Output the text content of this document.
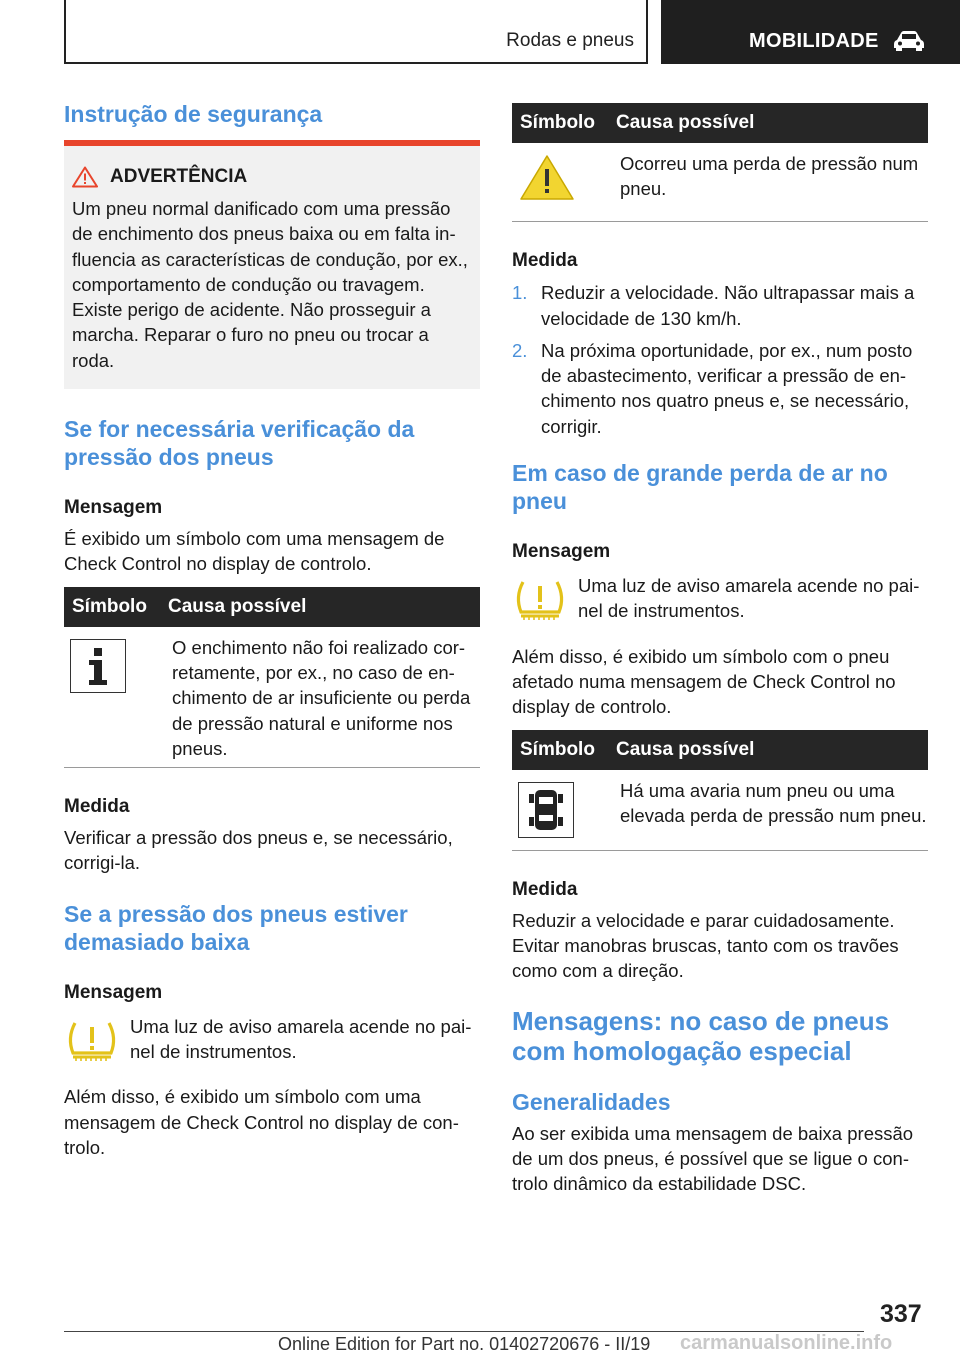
Rodas e pneus	MOBILIDADE
Instrução de segurança
ADVERTÊNCIA

Um pneu normal danificado com uma pressão de enchimento dos pneus baixa ou em falta in-fluencia as características de condução, por ex., comportamento de condução ou travagem. Existe perigo de acidente. Não prosseguir a marcha. Reparar o furo no pneu ou trocar a roda.

Se for necessária verificação da pressão dos pneus
Mensagem

É exibido um símbolo com uma mensagem de Check Control no display de controlo.

Símbolo	Causa possível
	O enchimento não foi realizado cor-retamente, por ex., no caso de en-chimento de ar insuficiente ou perda de pressão natural e uniforme nos pneus.
Medida

Verificar a pressão dos pneus e, se necessário, corrigi-la.

Se a pressão dos pneus estiver demasiado baixa
Mensagem

Uma luz de aviso amarela acende no pai-nel de instrumentos.

Além disso, é exibido um símbolo com uma mensagem de Check Control no display de con-trolo.

Símbolo	Causa possível
	Ocorreu uma perda de pressão num pneu.
Medida
1. Reduzir a velocidade. Não ultrapassar mais a velocidade de 130 km/h.
2. Na próxima oportunidade, por ex., num posto de abastecimento, verificar a pressão de en-chimento nos quatro pneus e, se necessário, corrigir.
Em caso de grande perda de ar no pneu
Mensagem

Uma luz de aviso amarela acende no pai-nel de instrumentos.

Além disso, é exibido um símbolo com o pneu afetado numa mensagem de Check Control no display de controlo.

Símbolo	Causa possível
	Há uma avaria num pneu ou uma elevada perda de pressão num pneu.
Medida

Reduzir a velocidade e parar cuidadosamente. Evitar manobras bruscas, tanto com os travões como com a direção.

Mensagens: no caso de pneus com homologação especial
Generalidades

Ao ser exibida uma mensagem de baixa pressão de um dos pneus, é possível que se ligue o con-trolo dinâmico da estabilidade DSC.

337
Online Edition for Part no. 01402720676 - II/19 carmanualsonline.info
